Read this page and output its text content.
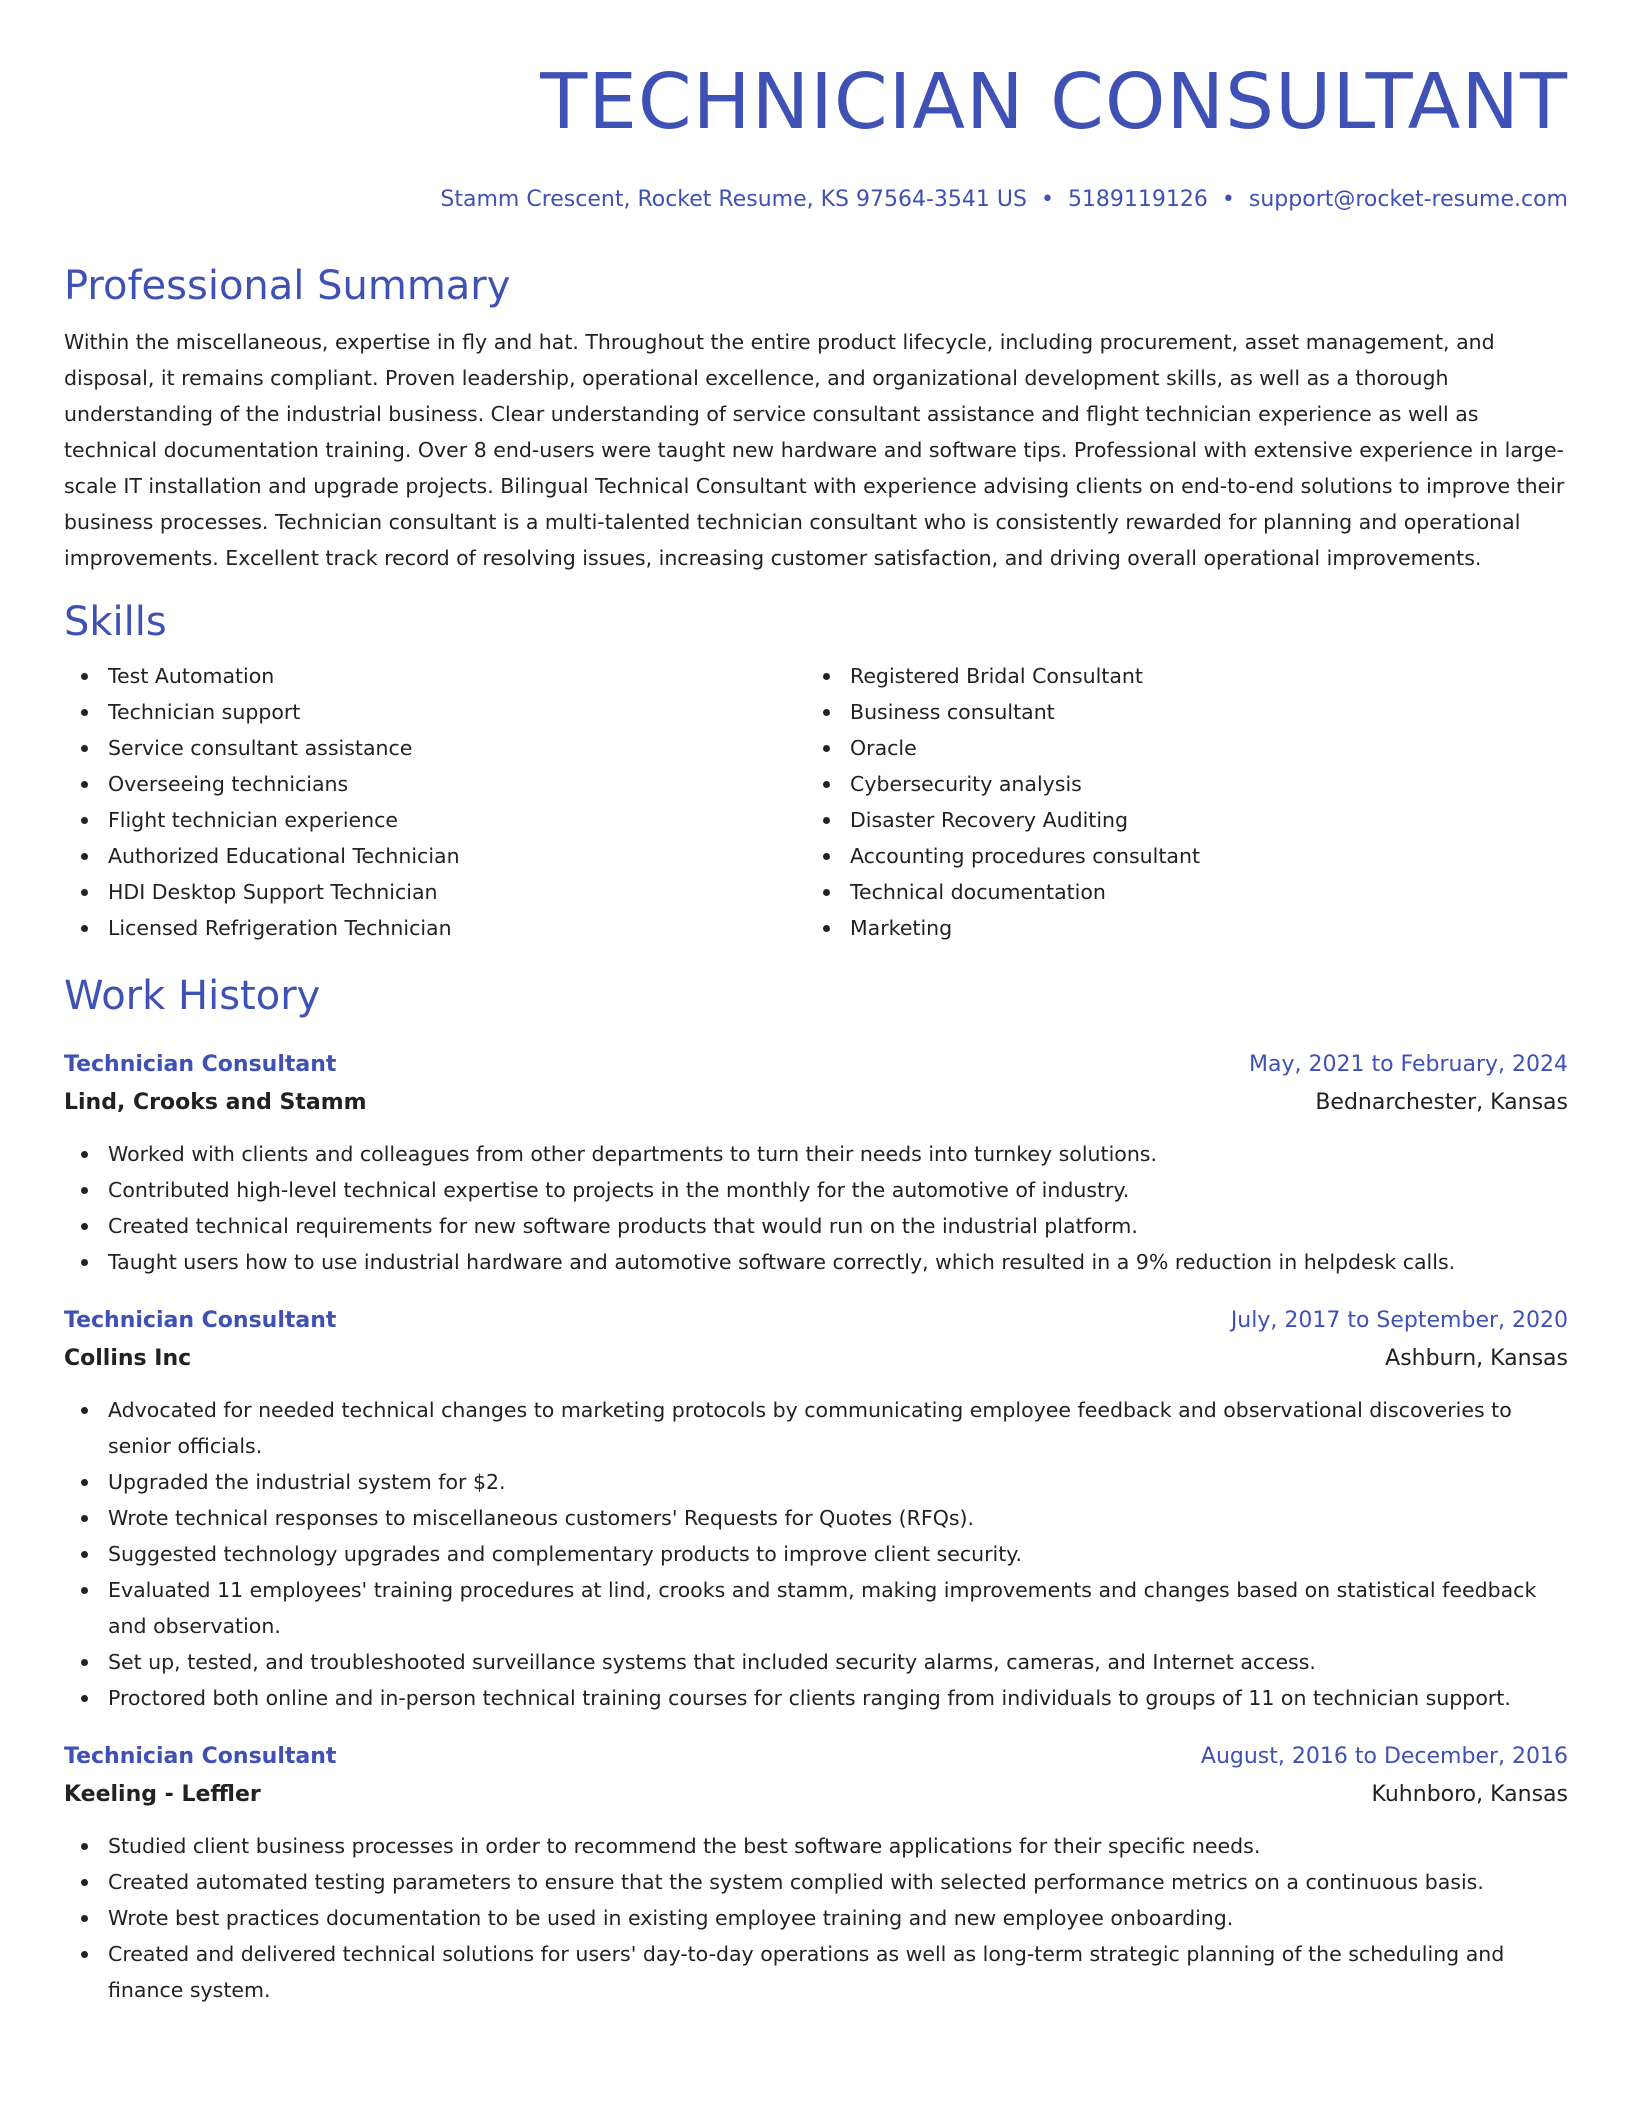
TECHNICIAN CONSULTANT
Stamm Crescent, Rocket Resume, KS 97564-3541 US • 5189119126 • support@rocket-resume.com
Professional Summary

Within the miscellaneous, expertise in fly and hat. Throughout the entire product lifecycle, including procurement, asset management, and disposal, it remains compliant. Proven leadership, operational excellence, and organizational development skills, as well as a thorough understanding of the industrial business. Clear understanding of service consultant assistance and flight technician experience as well as technical documentation training. Over 8 end-users were taught new hardware and software tips. Professional with extensive experience in large-scale IT installation and upgrade projects. Bilingual Technical Consultant with experience advising clients on end-to-end solutions to improve their business processes. Technician consultant is a multi-talented technician consultant who is consistently rewarded for planning and operational improvements. Excellent track record of resolving issues, increasing customer satisfaction, and driving overall operational improvements.

Skills
Test Automation
Technician support
Service consultant assistance
Overseeing technicians
Flight technician experience
Authorized Educational Technician
HDI Desktop Support Technician
Licensed Refrigeration Technician
Registered Bridal Consultant
Business consultant
Oracle
Cybersecurity analysis
Disaster Recovery Auditing
Accounting procedures consultant
Technical documentation
Marketing
Work History
Technician Consultant	May, 2021 to February, 2024
Lind, Crooks and Stamm	Bednarchester, Kansas
Worked with clients and colleagues from other departments to turn their needs into turnkey solutions.
Contributed high-level technical expertise to projects in the monthly for the automotive of industry.
Created technical requirements for new software products that would run on the industrial platform.
Taught users how to use industrial hardware and automotive software correctly, which resulted in a 9% reduction in helpdesk calls.
Technician Consultant	July, 2017 to September, 2020
Collins Inc	Ashburn, Kansas
Advocated for needed technical changes to marketing protocols by communicating employee feedback and observational discoveries to senior officials.
Upgraded the industrial system for $2.
Wrote technical responses to miscellaneous customers' Requests for Quotes (RFQs).
Suggested technology upgrades and complementary products to improve client security.
Evaluated 11 employees' training procedures at lind, crooks and stamm, making improvements and changes based on statistical feedback and observation.
Set up, tested, and troubleshooted surveillance systems that included security alarms, cameras, and Internet access.
Proctored both online and in-person technical training courses for clients ranging from individuals to groups of 11 on technician support.
Technician Consultant	August, 2016 to December, 2016
Keeling - Leffler	Kuhnboro, Kansas
Studied client business processes in order to recommend the best software applications for their specific needs.
Created automated testing parameters to ensure that the system complied with selected performance metrics on a continuous basis.
Wrote best practices documentation to be used in existing employee training and new employee onboarding.
Created and delivered technical solutions for users' day-to-day operations as well as long-term strategic planning of the scheduling and finance system.
